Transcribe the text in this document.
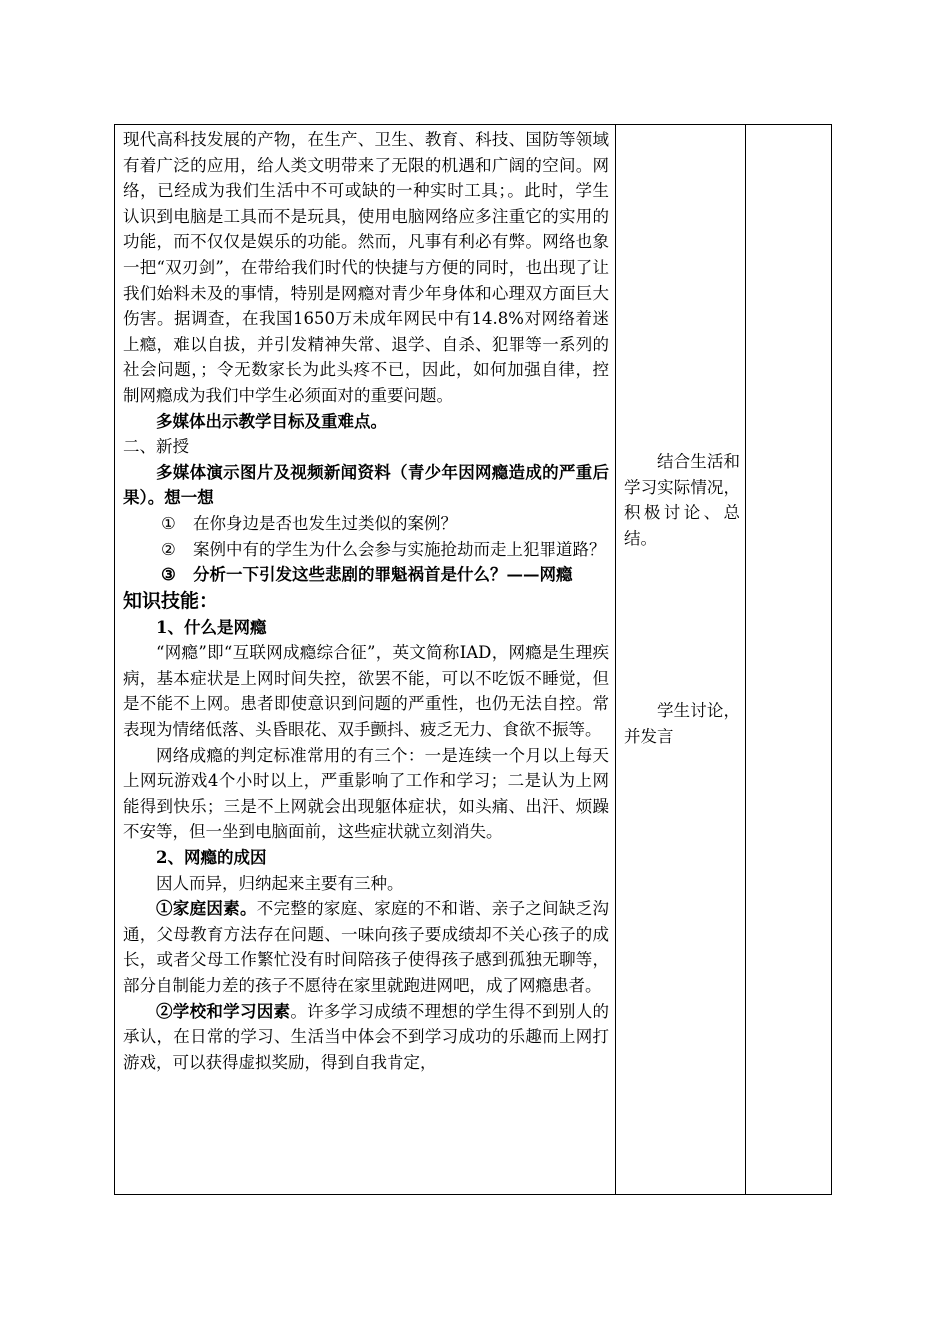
现代高科技发展的产物，在生产、卫生、教育、科技、国防等领域有着广泛的应用，给人类文明带来了无限的机遇和广阔的空间。网络，已经成为我们生活中不可或缺的一种实时工具；。此时，学生认识到电脑是工具而不是玩具，使用电脑网络应多注重它的实用的功能，而不仅仅是娱乐的功能。然而，凡事有利必有弊。网络也象一把“双刃剑”，在带给我们时代的快捷与方便的同时，也出现了让我们始料未及的事情，特别是网瘾对青少年身体和心理双方面巨大伤害。据调查，在我国1650万未成年网民中有14.8%对网络着迷上瘾，难以自拔，并引发精神失常、退学、自杀、犯罪等一系列的社会问题，；令无数家长为此头疼不已，因此，如何加强自律，控制网瘾成为我们中学生必须面对的重要问题。

多媒体出示教学目标及重难点。

二、新授

多媒体演示图片及视频新闻资料（青少年因网瘾造成的严重后果）。想一想

① 在你身边是否也发生过类似的案例？
② 案例中有的学生为什么会参与实施抢劫而走上犯罪道路？
③ 分析一下引发这些悲剧的罪魁祸首是什么？——网瘾

知识技能：

1、什么是网瘾

“网瘾”即“互联网成瘾综合征”，英文简称IAD，网瘾是生理疾病，基本症状是上网时间失控，欲罢不能，可以不吃饭不睡觉，但是不能不上网。患者即使意识到问题的严重性，也仍无法自控。常表现为情绪低落、头昏眼花、双手颤抖、疲乏无力、食欲不振等。

网络成瘾的判定标准常用的有三个：一是连续一个月以上每天上网玩游戏4个小时以上，严重影响了工作和学习；二是认为上网能得到快乐；三是不上网就会出现躯体症状，如头痛、出汗、烦躁不安等，但一坐到电脑面前，这些症状就立刻消失。

2、网瘾的成因

因人而异，归纳起来主要有三种。

①家庭因素。不完整的家庭、家庭的不和谐、亲子之间缺乏沟通，父母教育方法存在问题、一味向孩子要成绩却不关心孩子的成长，或者父母工作繁忙没有时间陪孩子使得孩子感到孤独无聊等，部分自制能力差的孩子不愿待在家里就跑进网吧，成了网瘾患者。

②学校和学习因素。许多学习成绩不理想的学生得不到别人的承认，在日常的学习、生活当中体会不到学习成功的乐趣而上网打游戏，可以获得虚拟奖励，得到自我肯定，

结合生活和学习实际情况，积极讨论、总结。

学生讨论，并发言
